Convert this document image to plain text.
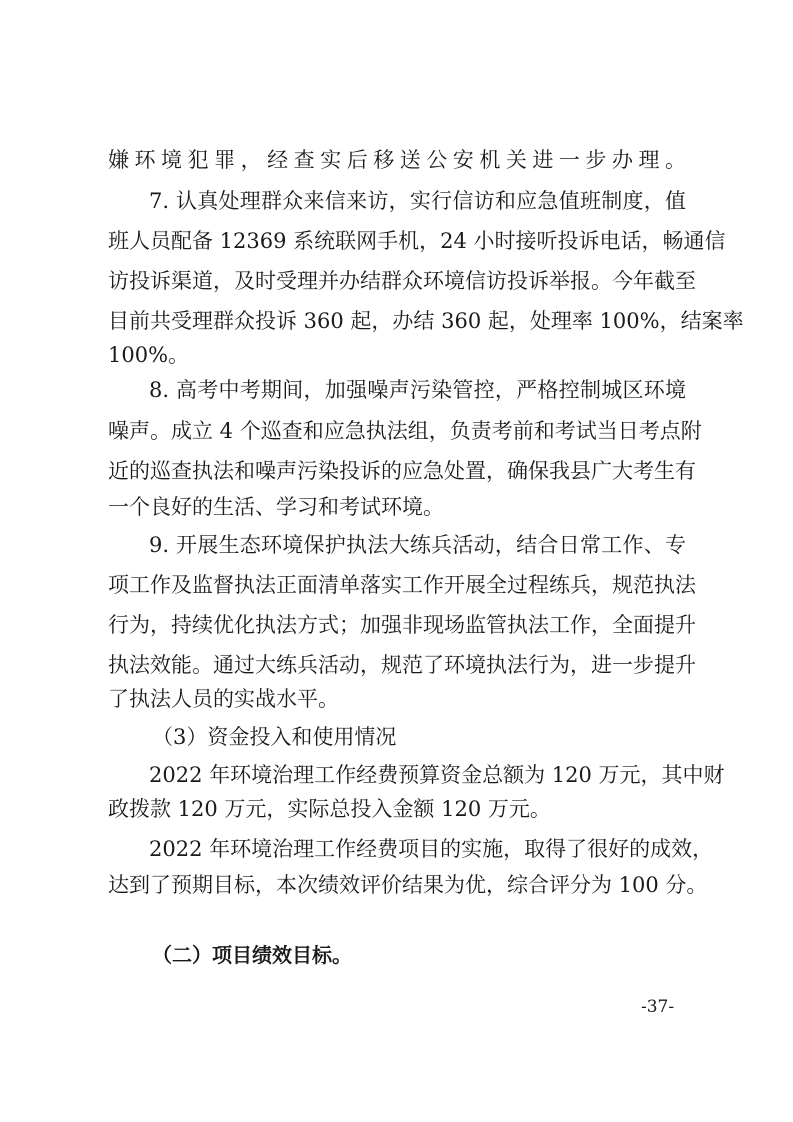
嫌环境犯罪，经查实后移送公安机关进一步办理。
7. 认真处理群众来信来访，实行信访和应急值班制度，值
班人员配备 12369 系统联网手机，24 小时接听投诉电话，畅通信
访投诉渠道，及时受理并办结群众环境信访投诉举报。今年截至
目前共受理群众投诉 360 起，办结 360 起，处理率 100%，结案率
100%。
8. 高考中考期间，加强噪声污染管控，严格控制城区环境
噪声。成立 4 个巡查和应急执法组，负责考前和考试当日考点附
近的巡查执法和噪声污染投诉的应急处置，确保我县广大考生有
一个良好的生活、学习和考试环境。
9. 开展生态环境保护执法大练兵活动，结合日常工作、专
项工作及监督执法正面清单落实工作开展全过程练兵，规范执法
行为，持续优化执法方式；加强非现场监管执法工作，全面提升
执法效能。通过大练兵活动，规范了环境执法行为，进一步提升
了执法人员的实战水平。
（3）资金投入和使用情况
2022 年环境治理工作经费预算资金总额为 120 万元，其中财
政拨款 120 万元，实际总投入金额 120 万元。
2022 年环境治理工作经费项目的实施，取得了很好的成效，
达到了预期目标，本次绩效评价结果为优，综合评分为 100 分。
（二）项目绩效目标。
-37-
